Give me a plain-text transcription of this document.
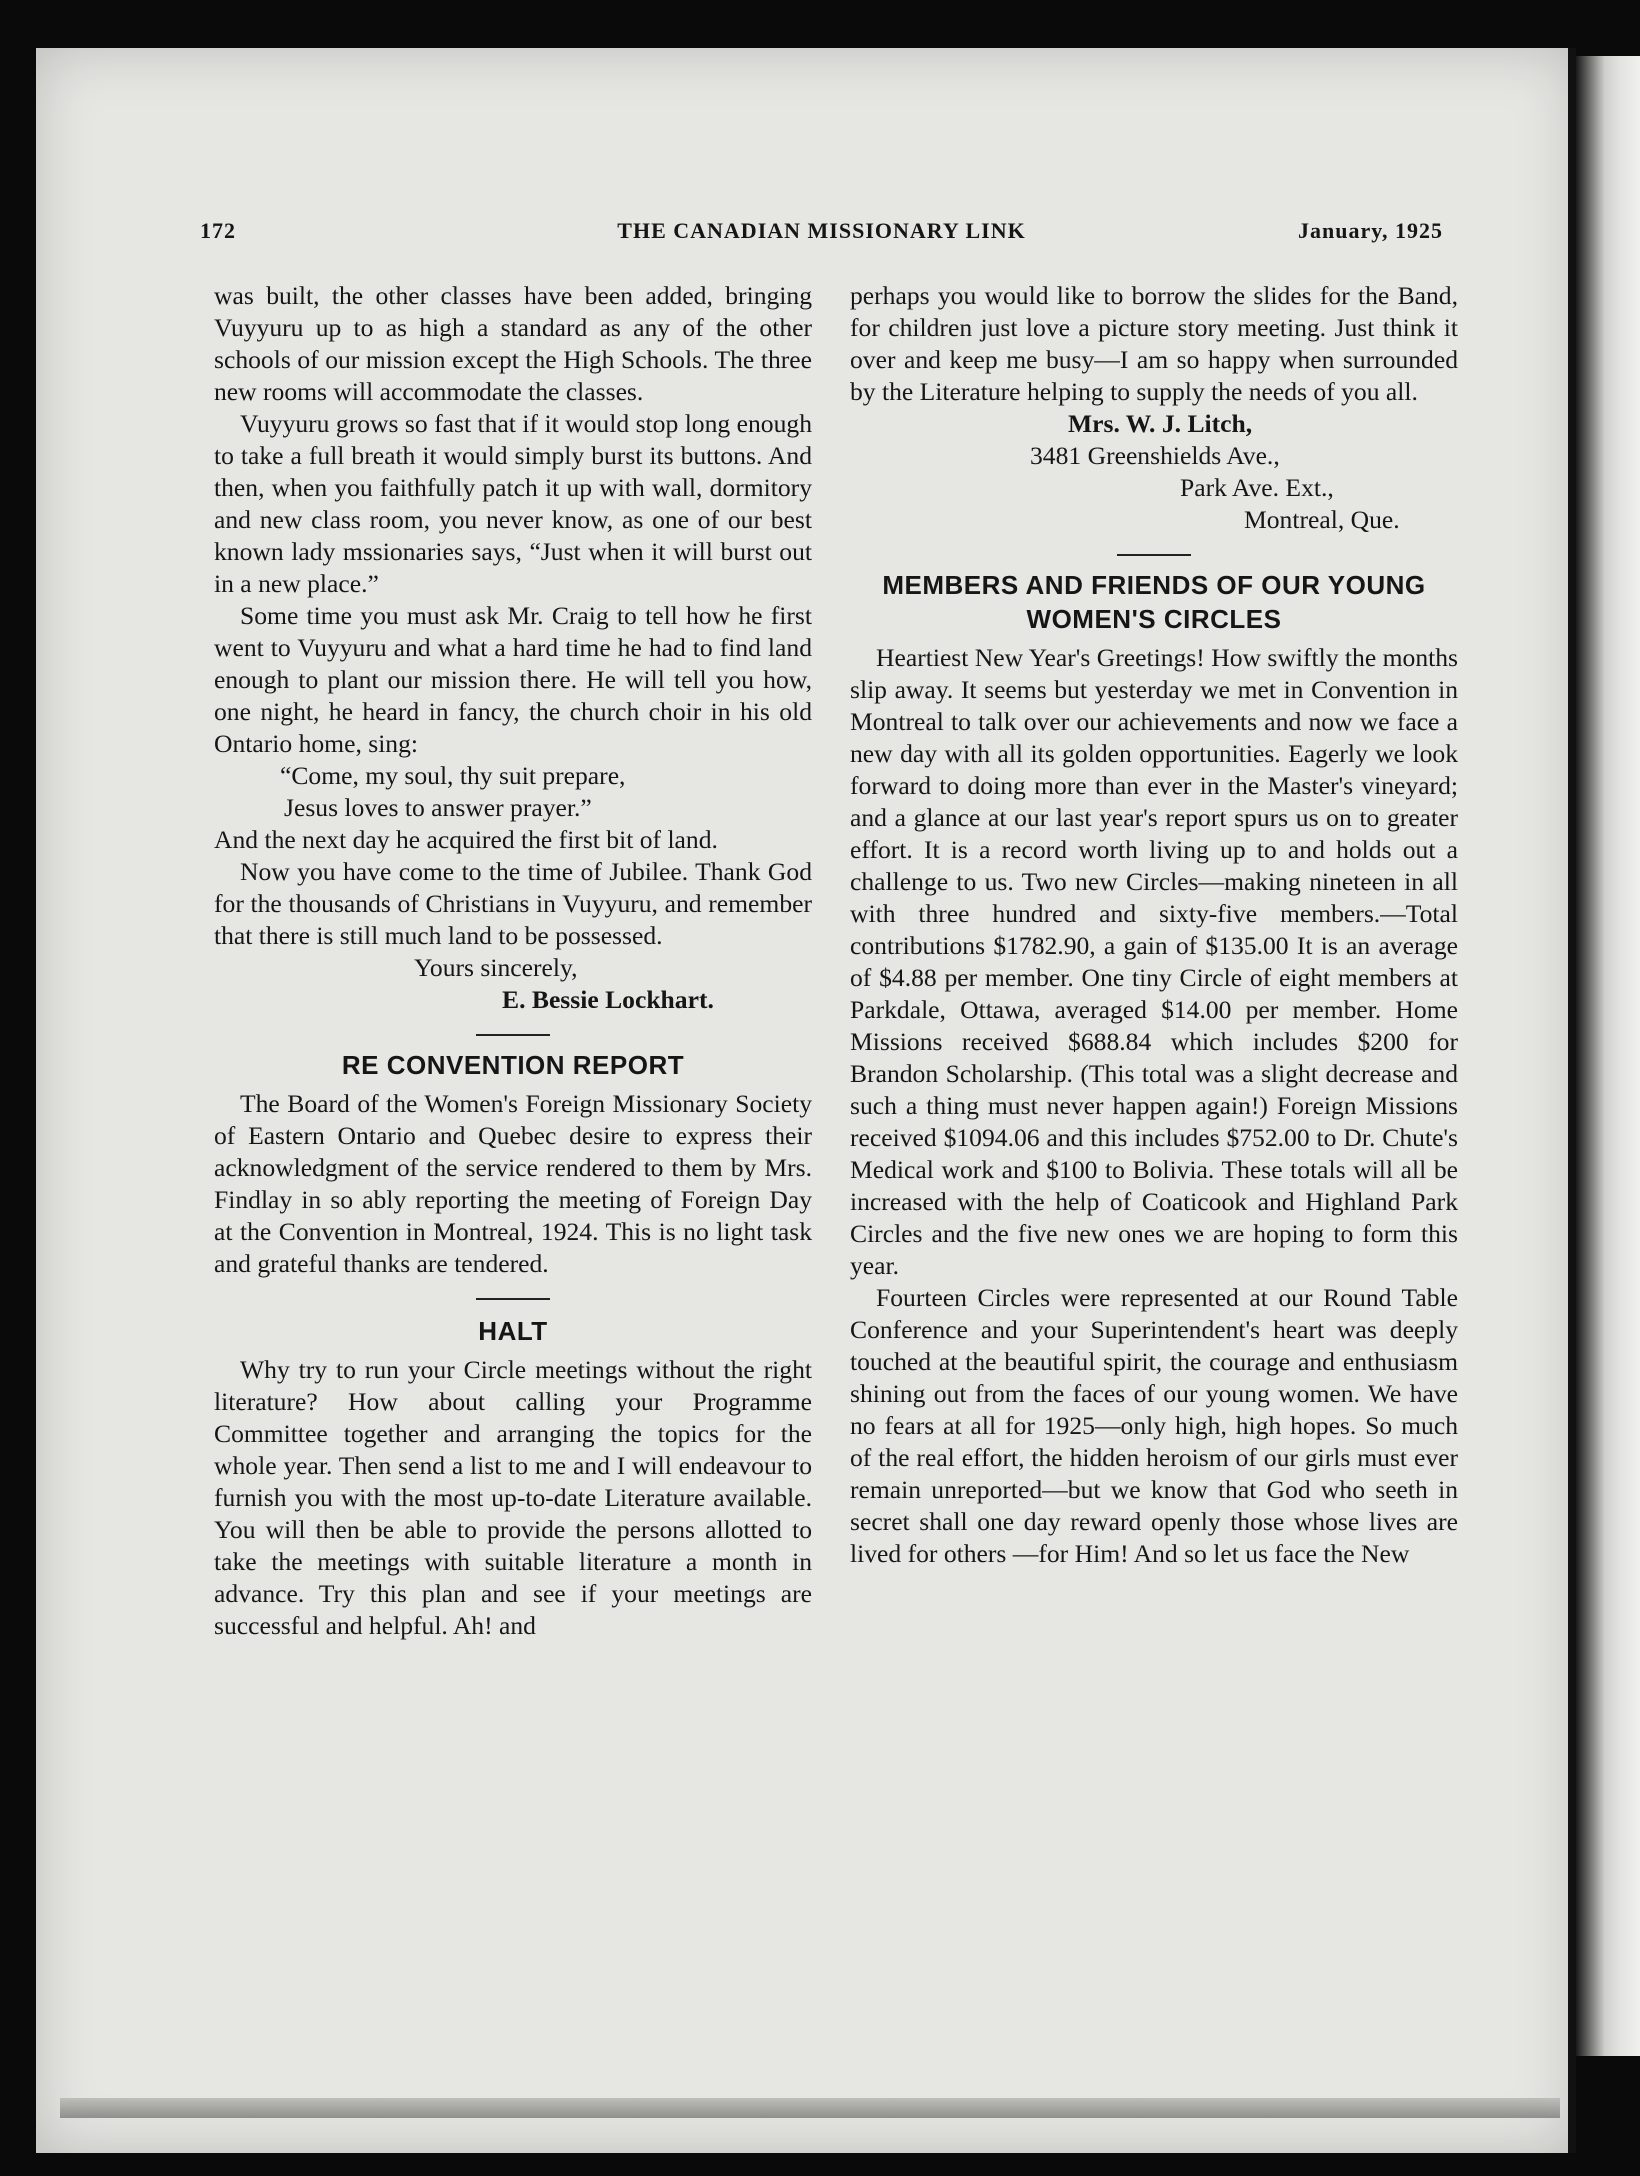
172	THE CANADIAN MISSIONARY LINK	January, 1925

was built, the other classes have been added, bringing Vuyyuru up to as high a standard as any of the other schools of our mission except the High Schools. The three new rooms will accommodate the classes.

Vuyyuru grows so fast that if it would stop long enough to take a full breath it would simply burst its buttons. And then, when you faithfully patch it up with wall, dormitory and new class room, you never know, as one of our best known lady mssionaries says, “Just when it will burst out in a new place.”

Some time you must ask Mr. Craig to tell how he first went to Vuyyuru and what a hard time he had to find land enough to plant our mission there. He will tell you how, one night, he heard in fancy, the church choir in his old Ontario home, sing:

“Come, my soul, thy suit prepare,
Jesus loves to answer prayer.”

And the next day he acquired the first bit of land.

Now you have come to the time of Jubilee. Thank God for the thousands of Christians in Vuyyuru, and remember that there is still much land to be possessed.

Yours sincerely,
E. Bessie Lockhart.
RE CONVENTION REPORT

The Board of the Women's Foreign Missionary Society of Eastern Ontario and Quebec desire to express their acknowledgment of the service rendered to them by Mrs. Findlay in so ably reporting the meeting of Foreign Day at the Convention in Montreal, 1924. This is no light task and grateful thanks are tendered.

HALT

Why try to run your Circle meetings without the right literature? How about calling your Programme Committee together and arranging the topics for the whole year. Then send a list to me and I will endeavour to furnish you with the most up-to-date Literature available. You will then be able to provide the persons allotted to take the meetings with suitable literature a month in advance. Try this plan and see if your meetings are successful and helpful. Ah! and

perhaps you would like to borrow the slides for the Band, for children just love a picture story meeting. Just think it over and keep me busy—I am so happy when surrounded by the Literature helping to supply the needs of you all.

Mrs. W. J. Litch,
3481 Greenshields Ave.,
Park Ave. Ext.,
Montreal, Que.
MEMBERS AND FRIENDS OF OUR YOUNG WOMEN'S CIRCLES

Heartiest New Year's Greetings! How swiftly the months slip away. It seems but yesterday we met in Convention in Montreal to talk over our achievements and now we face a new day with all its golden opportunities. Eagerly we look forward to doing more than ever in the Master's vineyard; and a glance at our last year's report spurs us on to greater effort. It is a record worth living up to and holds out a challenge to us. Two new Circles—making nineteen in all with three hundred and sixty-five members.—Total contributions $1782.90, a gain of $135.00 It is an average of $4.88 per member. One tiny Circle of eight members at Parkdale, Ottawa, averaged $14.00 per member. Home Missions received $688.84 which includes $200 for Brandon Scholarship. (This total was a slight decrease and such a thing must never happen again!) Foreign Missions received $1094.06 and this includes $752.00 to Dr. Chute's Medical work and $100 to Bolivia. These totals will all be increased with the help of Coaticook and Highland Park Circles and the five new ones we are hoping to form this year.

Fourteen Circles were represented at our Round Table Conference and your Superintendent's heart was deeply touched at the beautiful spirit, the courage and enthusiasm shining out from the faces of our young women. We have no fears at all for 1925—only high, high hopes. So much of the real effort, the hidden heroism of our girls must ever remain unreported—but we know that God who seeth in secret shall one day reward openly those whose lives are lived for others —for Him! And so let us face the New
